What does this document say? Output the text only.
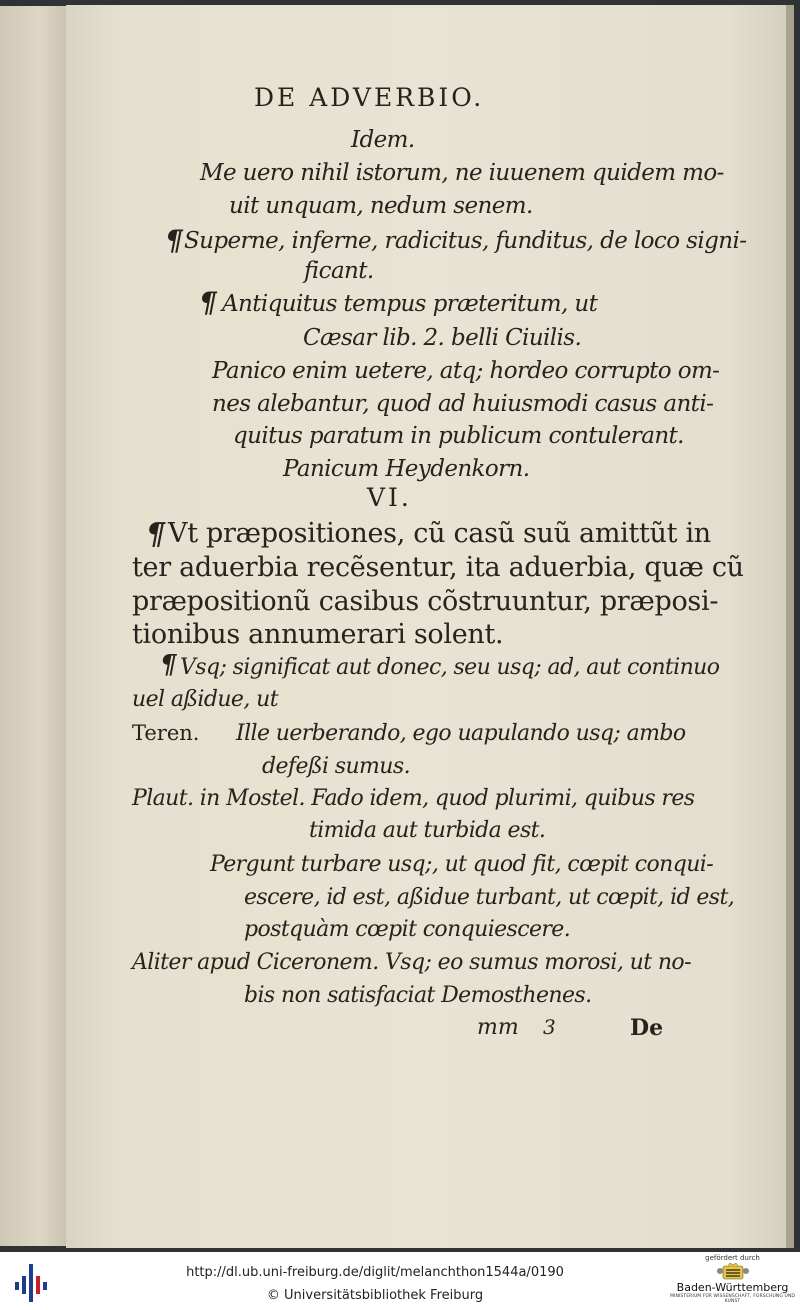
DE ADVERBIO.
Idem.
Me uero nihil istorum, ne iuuenem quidem mo-
uit unquam, nedum senem.
¶ Superne, inferne, radicitus, funditus, de loco signi-
ficant.
¶ Antiquitus tempus præteritum, ut
Cæsar lib. 2. belli Ciuilis.
Panico enim uetere, atq; hordeo corrupto om-
nes alebantur, quod ad huiusmodi casus anti-
quitus paratum in publicum contulerant.
Panicum Heydenkorn.
VI.
¶ Vt præpositiones, cũ casũ suũ amittũt in
ter aduerbia recẽsentur, ita aduerbia, quæ cũ
præpositionũ casibus cõstruuntur, præposi-
tionibus annumerari solent.
¶ Vsq; significat aut donec, seu usq; ad, aut continuo
uel aßidue, ut
Teren. Ille uerberando, ego uapulando usq; ambo
defeßi sumus.
Plaut. in Mostel. Fado idem, quod plurimi, quibus res
timida aut turbida est.
Pergunt turbare usq;, ut quod fit, cœpit conqui-
escere, id est, aßidue turbant, ut cœpit, id est,
postquàm cœpit conquiescere.
Aliter apud Ciceronem. Vsq; eo sumus morosi, ut no-
bis non satisfaciat Demosthenes.
mm 3	De
http://dl.ub.uni-freiburg.de/diglit/melanchthon1544a/0190
© Universitätsbibliothek Freiburg
gefördert durch
Baden-Württemberg
MINISTERIUM FÜR WISSENSCHAFT, FORSCHUNG UND KUNST
